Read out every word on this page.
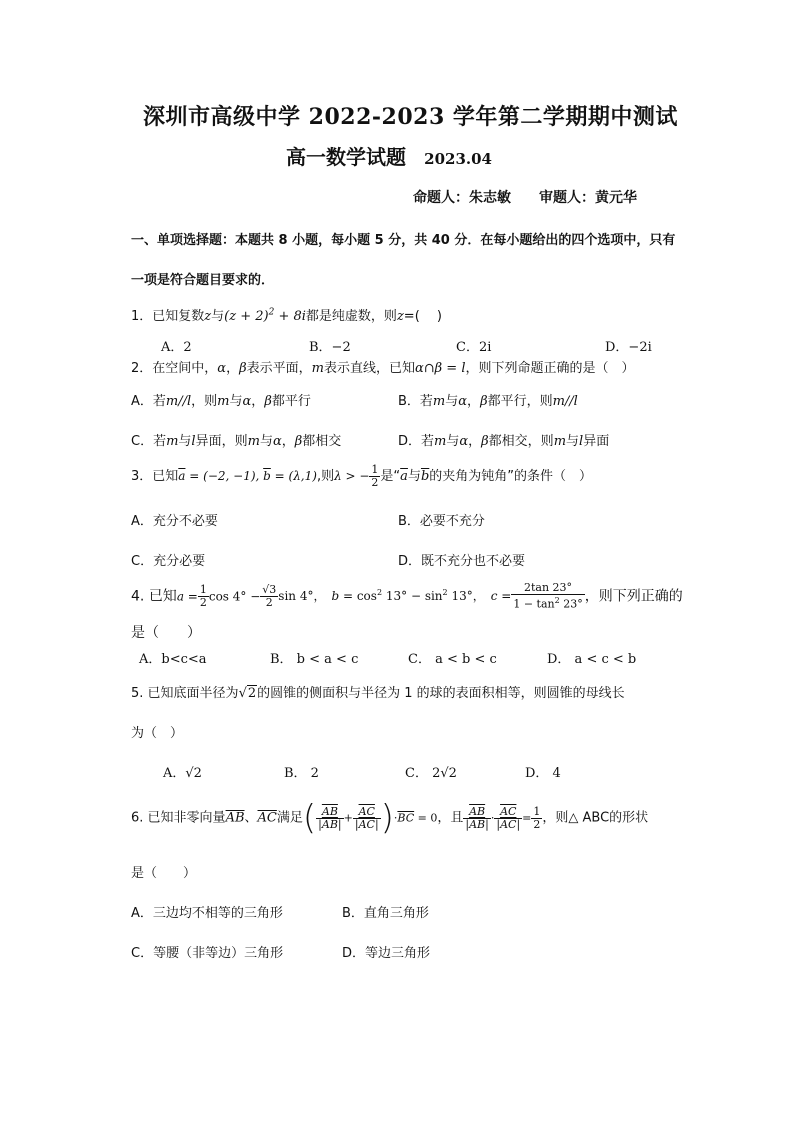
深圳市高级中学 2022-2023 学年第二学期期中测试
高一数学试题 2023.04
命题人：朱志敏　　审题人：黄元华
一、单项选择题：本题共 8 小题，每小题 5 分，共 40 分．在每小题给出的四个选项中，只有
一项是符合题目要求的．
1．已知复数z与$(z + 2)^2 + 8i$都是纯虚数，则z=(　 )
A．2	B．−2	C．2i	D．−2i
2．在空间中，α，β表示平面，m表示直线，已知α∩β = l，则下列命题正确的是（　）
A．若m//l，则m与α，β都平行	B．若m与α，β都平行，则m//l
C．若m与l异面，则m与α，β都相交	D．若m与α，β都相交，则m与l异面
3．已知$\overline{a} = (-2$, −1), $\overline{b} = (\lambda,1)$,则λ > − $\frac{1}{2}$ 是“$\overline{a}$与$\overline{b}$的夹角为钝角”的条件（　）
A．充分不必要	B．必要不充分
C．充分必要	D．既不充分也不必要
4. 已知$a = \frac{1}{2}$ $\cos 4^\circ - \frac{√3}{2}$ sin 4°，　$b = \cos^2 13^\circ - \sin^2 13^\circ$，　$c = \frac{2\tan 23^\circ}{1 - \tan^2 23^\circ}$ ，则下列正确的
是（　　）
A．b<c<a	B． b < a < c	C． a < b < c	D． a < c < b
5. 已知底面半径为√2的圆锥的侧面积与半径为 1 的球的表面积相等，则圆锥的母线长
为（　）
A．√2	B． 2	C． 2√2	D． 4
6. 已知非零向量$\overline{AB}$、$\overline{AC}$满足( $\frac{\overline{AB}}{|\overline{AB}|} + \frac{\overline{AC}}{|\overline{AC}|} )\cdot\overline{BC} = 0$，且 $\frac{\overline{AB}}{|\overline{AB}|} \cdot \frac{\overline{AC}}{|\overline{AC}|} = \frac{1}{2}$ ，则△ ABC的形状
是（　　）
A．三边均不相等的三角形	B．直角三角形
C．等腰（非等边）三角形	D．等边三角形
